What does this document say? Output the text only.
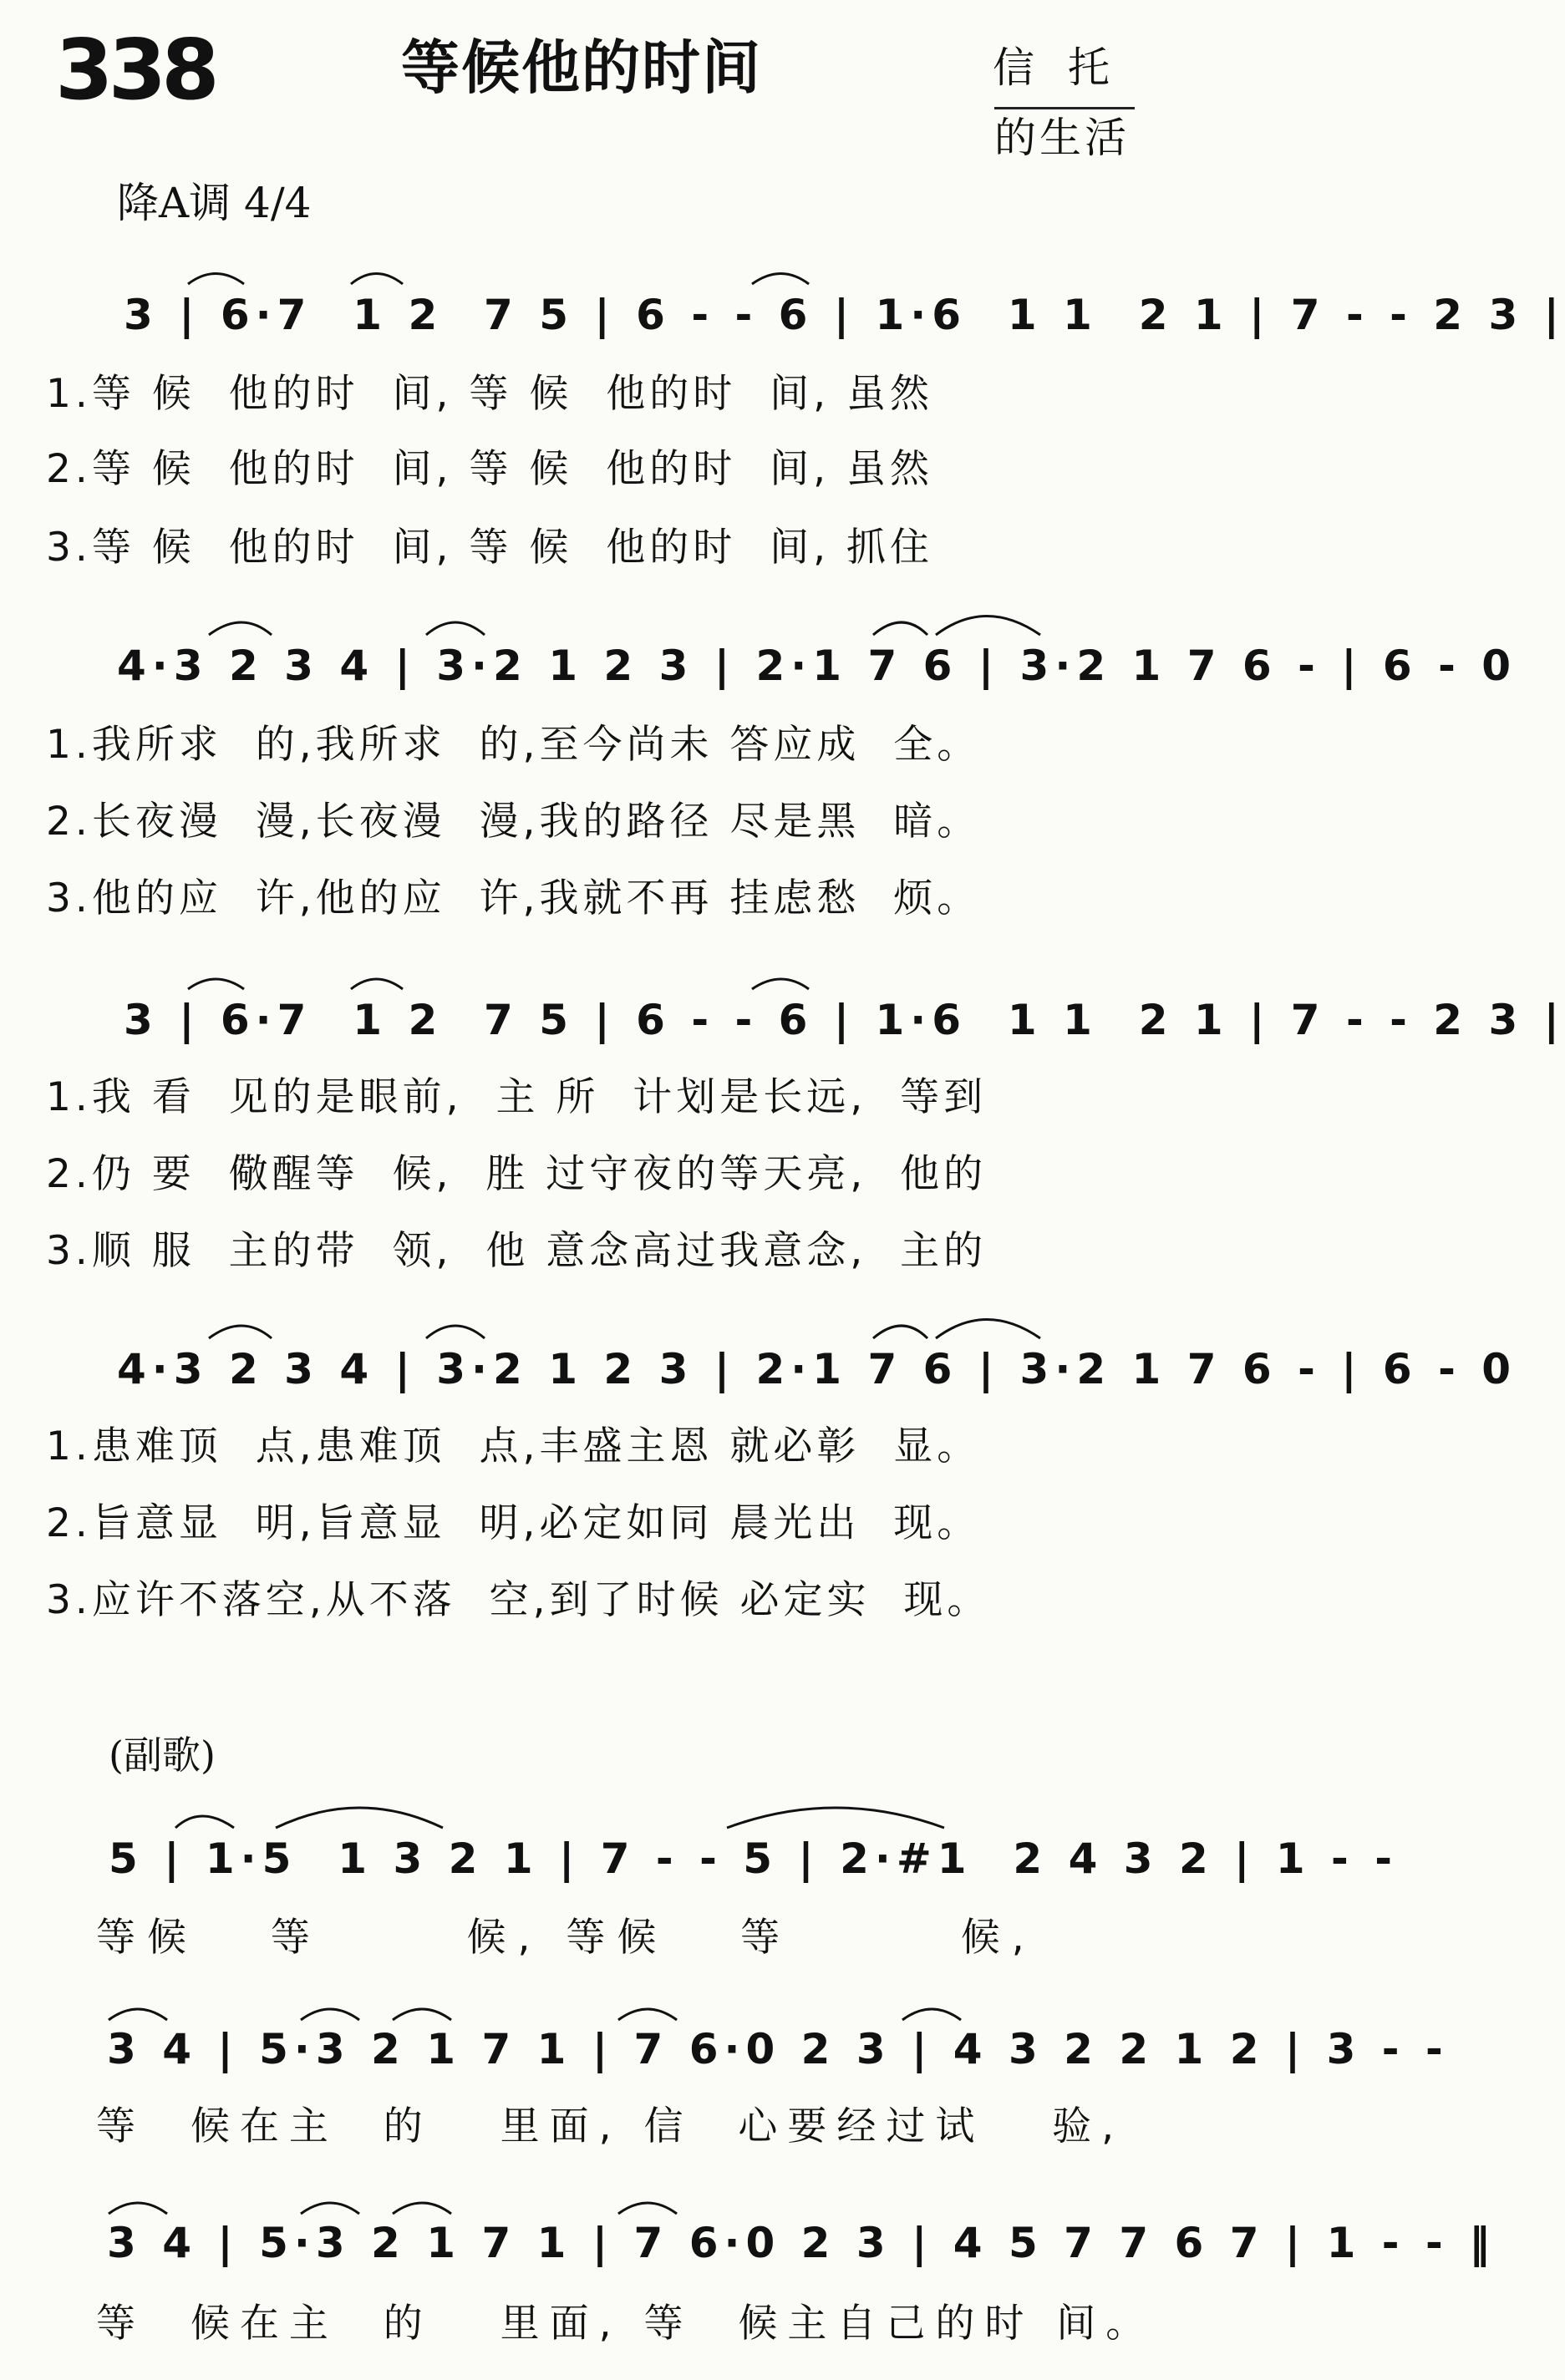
338	等候他的时间	信托
的生活
降A调 4/4
3 | 6·7  1 2  7 5 | 6 - - 6 | 1·6  1 1  2 1 | 7 - - 2 3 |
1.等 候  他的时  间, 等 候  他的时  间, 虽然
2.等 候  他的时  间, 等 候  他的时  间, 虽然
3.等 候  他的时  间, 等 候  他的时  间, 抓住
4·3 2 3 4 | 3·2 1 2 3 | 2·1 7 6 | 3·2 1 7 6 - | 6 - 0
1.我所求  的,我所求  的,至今尚未 答应成  全。
2.长夜漫  漫,长夜漫  漫,我的路径 尽是黑  暗。
3.他的应  许,他的应  许,我就不再 挂虑愁  烦。
3 | 6·7  1 2  7 5 | 6 - - 6 | 1·6  1 1  2 1 | 7 - - 2 3 |
1.我 看  见的是眼前,  主 所  计划是长远,  等到
2.仍 要  儆醒等  候,  胜 过守夜的等天亮,  他的
3.顺 服  主的带  领,  他 意念高过我意念,  主的
4·3 2 3 4 | 3·2 1 2 3 | 2·1 7 6 | 3·2 1 7 6 - | 6 - 0
1.患难顶  点,患难顶  点,丰盛主恩 就必彰  显。
2.旨意显  明,旨意显  明,必定如同 晨光出  现。
3.应许不落空,从不落  空,到了时候 必定实  现。
(副歌)
5 | 1·5  1 3 2 1 | 7 - - 5 | 2·#1  2 4 3 2 | 1 - -
等候   等      候, 等候   等       候,
3 4 | 5·3 2 1 7 1 | 7 6·0 2 3 | 4 3 2 2 1 2 | 3 - -
等  候在主  的   里面, 信  心要经过试   验,
3 4 | 5·3 2 1 7 1 | 7 6·0 2 3 | 4 5 7 7 6 7 | 1 - - ‖
等  候在主  的   里面, 等  候主自己的时 间。
